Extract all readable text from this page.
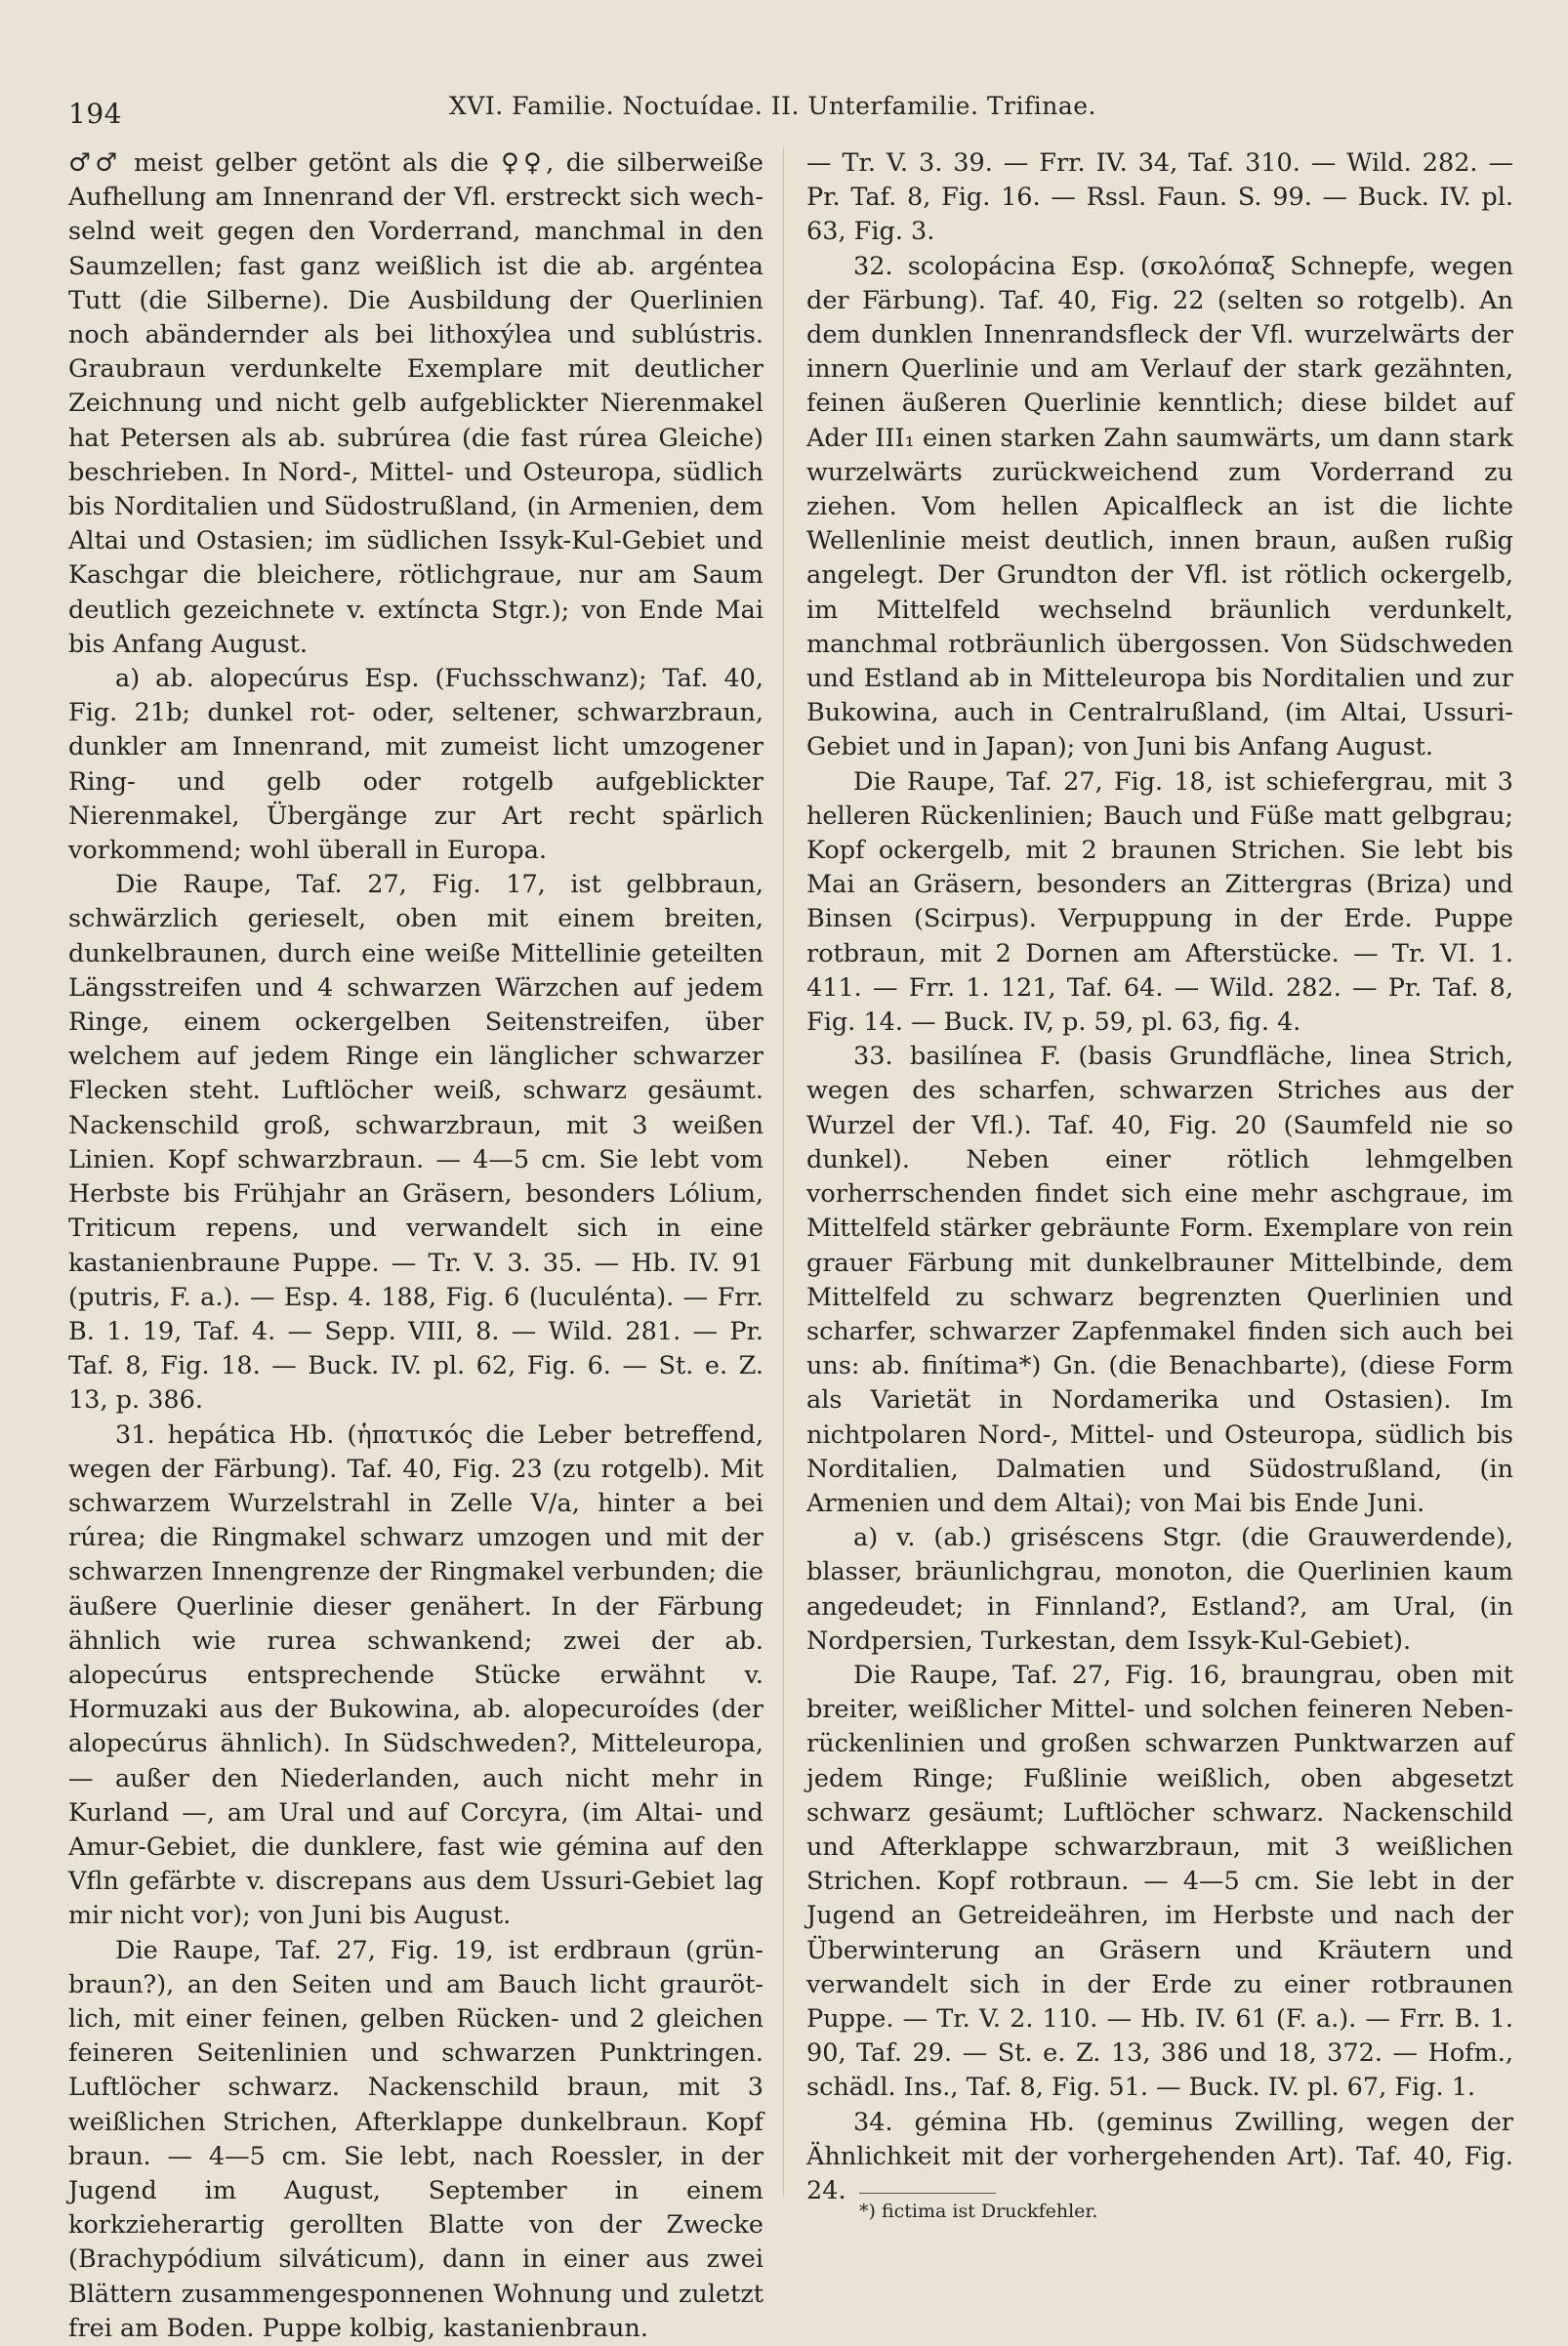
194	XVI. Familie. Noctuídae. II. Unterfamilie. Trifinae.

♂♂ meist gelber getönt als die ♀♀, die silberweiße Aufhellung am Innenrand der Vfl. erstreckt sich wechselnd weit gegen den Vorderrand, manchmal in den Saumzellen; fast ganz weißlich ist die ab. argéntea Tutt (die Silberne). Die Ausbildung der Querlinien noch abändernder als bei lithoxýlea und sublústris. Graubraun verdunkelte Exemplare mit deutlicher Zeichnung und nicht gelb aufgeblickter Nierenmakel hat Petersen als ab. subrúrea (die fast rúrea Gleiche) beschrieben. In Nord-, Mittel- und Osteuropa, südlich bis Norditalien und Südostrußland, (in Armenien, dem Altai und Ostasien; im südlichen Issyk-Kul-Gebiet und Kaschgar die bleichere, rötlichgraue, nur am Saum deutlich gezeichnete v. extíncta Stgr.); von Ende Mai bis Anfang August.

a) ab. alopecúrus Esp. (Fuchsschwanz); Taf. 40, Fig. 21b; dunkel rot- oder, seltener, schwarzbraun, dunkler am Innenrand, mit zumeist licht umzogener Ring- und gelb oder rotgelb aufgeblickter Nierenmakel, Übergänge zur Art recht spärlich vorkommend; wohl überall in Europa.

Die Raupe, Taf. 27, Fig. 17, ist gelbbraun, schwärzlich gerieselt, oben mit einem breiten, dunkelbraunen, durch eine weiße Mittellinie geteilten Längsstreifen und 4 schwarzen Wärzchen auf jedem Ringe, einem ockergelben Seitenstreifen, über welchem auf jedem Ringe ein länglicher schwarzer Flecken steht. Luftlöcher weiß, schwarz gesäumt. Nackenschild groß, schwarzbraun, mit 3 weißen Linien. Kopf schwarzbraun. — 4—5 cm. Sie lebt vom Herbste bis Frühjahr an Gräsern, besonders Lólium, Triticum repens, und verwandelt sich in eine kastanienbraune Puppe. — Tr. V. 3. 35. — Hb. IV. 91 (putris, F. a.). — Esp. 4. 188, Fig. 6 (luculénta). — Frr. B. 1. 19, Taf. 4. — Sepp. VIII, 8. — Wild. 281. — Pr. Taf. 8, Fig. 18. — Buck. IV. pl. 62, Fig. 6. — St. e. Z. 13, p. 386.

31. hepática Hb. (ἡπατικός die Leber betreffend, wegen der Färbung). Taf. 40, Fig. 23 (zu rotgelb). Mit schwarzem Wurzelstrahl in Zelle V/a, hinter a bei rúrea; die Ringmakel schwarz umzogen und mit der schwarzen Innengrenze der Ringmakel verbunden; die äußere Querlinie dieser genähert. In der Färbung ähnlich wie rurea schwankend; zwei der ab. alopecúrus entsprechende Stücke erwähnt v. Hormuzaki aus der Bukowina, ab. alopecuroídes (der alopecúrus ähnlich). In Südschweden?, Mitteleuropa, — außer den Niederlanden, auch nicht mehr in Kurland —, am Ural und auf Corcyra, (im Altai- und Amur-Gebiet, die dunklere, fast wie gémina auf den Vfln gefärbte v. discrepans aus dem Ussuri-Gebiet lag mir nicht vor); von Juni bis August.

Die Raupe, Taf. 27, Fig. 19, ist erdbraun (grünbraun?), an den Seiten und am Bauch licht graurötlich, mit einer feinen, gelben Rücken- und 2 gleichen feineren Seitenlinien und schwarzen Punktringen. Luftlöcher schwarz. Nackenschild braun, mit 3 weißlichen Strichen, Afterklappe dunkelbraun. Kopf braun. — 4—5 cm. Sie lebt, nach Roessler, in der Jugend im August, September in einem korkzieherartig gerollten Blatte von der Zwecke (Brachypódium silváticum), dann in einer aus zwei Blättern zusammengesponnenen Wohnung und zuletzt frei am Boden. Puppe kolbig, kastanienbraun.

— Tr. V. 3. 39. — Frr. IV. 34, Taf. 310. — Wild. 282. — Pr. Taf. 8, Fig. 16. — Rssl. Faun. S. 99. — Buck. IV. pl. 63, Fig. 3.

32. scolopácina Esp. (σκολόπαξ Schnepfe, wegen der Färbung). Taf. 40, Fig. 22 (selten so rotgelb). An dem dunklen Innenrandsfleck der Vfl. wurzelwärts der innern Querlinie und am Verlauf der stark gezähnten, feinen äußeren Querlinie kenntlich; diese bildet auf Ader III₁ einen starken Zahn saumwärts, um dann stark wurzelwärts zurückweichend zum Vorderrand zu ziehen. Vom hellen Apicalfleck an ist die lichte Wellenlinie meist deutlich, innen braun, außen rußig angelegt. Der Grundton der Vfl. ist rötlich ockergelb, im Mittelfeld wechselnd bräunlich verdunkelt, manchmal rotbräunlich übergossen. Von Südschweden und Estland ab in Mitteleuropa bis Norditalien und zur Bukowina, auch in Centralrußland, (im Altai, Ussuri-Gebiet und in Japan); von Juni bis Anfang August.

Die Raupe, Taf. 27, Fig. 18, ist schiefergrau, mit 3 helleren Rückenlinien; Bauch und Füße matt gelbgrau; Kopf ockergelb, mit 2 braunen Strichen. Sie lebt bis Mai an Gräsern, besonders an Zittergras (Briza) und Binsen (Scirpus). Verpuppung in der Erde. Puppe rotbraun, mit 2 Dornen am Afterstücke. — Tr. VI. 1. 411. — Frr. 1. 121, Taf. 64. — Wild. 282. — Pr. Taf. 8, Fig. 14. — Buck. IV, p. 59, pl. 63, fig. 4.

33. basilínea F. (basis Grundfläche, linea Strich, wegen des scharfen, schwarzen Striches aus der Wurzel der Vfl.). Taf. 40, Fig. 20 (Saumfeld nie so dunkel). Neben einer rötlich lehmgelben vorherrschenden findet sich eine mehr aschgraue, im Mittelfeld stärker gebräunte Form. Exemplare von rein grauer Färbung mit dunkelbrauner Mittelbinde, dem Mittelfeld zu schwarz begrenzten Querlinien und scharfer, schwarzer Zapfenmakel finden sich auch bei uns: ab. finítima*) Gn. (die Benachbarte), (diese Form als Varietät in Nordamerika und Ostasien). Im nichtpolaren Nord-, Mittel- und Osteuropa, südlich bis Norditalien, Dalmatien und Südostrußland, (in Armenien und dem Altai); von Mai bis Ende Juni.

a) v. (ab.) griséscens Stgr. (die Grauwerdende), blasser, bräunlichgrau, monoton, die Querlinien kaum angedeudet; in Finnland?, Estland?, am Ural, (in Nordpersien, Turkestan, dem Issyk-Kul-Gebiet).

Die Raupe, Taf. 27, Fig. 16, braungrau, oben mit breiter, weißlicher Mittel- und solchen feineren Nebenrückenlinien und großen schwarzen Punktwarzen auf jedem Ringe; Fußlinie weißlich, oben abgesetzt schwarz gesäumt; Luftlöcher schwarz. Nackenschild und Afterklappe schwarzbraun, mit 3 weißlichen Strichen. Kopf rotbraun. — 4—5 cm. Sie lebt in der Jugend an Getreideähren, im Herbste und nach der Überwinterung an Gräsern und Kräutern und verwandelt sich in der Erde zu einer rotbraunen Puppe. — Tr. V. 2. 110. — Hb. IV. 61 (F. a.). — Frr. B. 1. 90, Taf. 29. — St. e. Z. 13, 386 und 18, 372. — Hofm., schädl. Ins., Taf. 8, Fig. 51. — Buck. IV. pl. 67, Fig. 1.

34. gémina Hb. (geminus Zwilling, wegen der Ähnlichkeit mit der vorhergehenden Art). Taf. 40, Fig. 24.

*) fictima ist Druckfehler.
